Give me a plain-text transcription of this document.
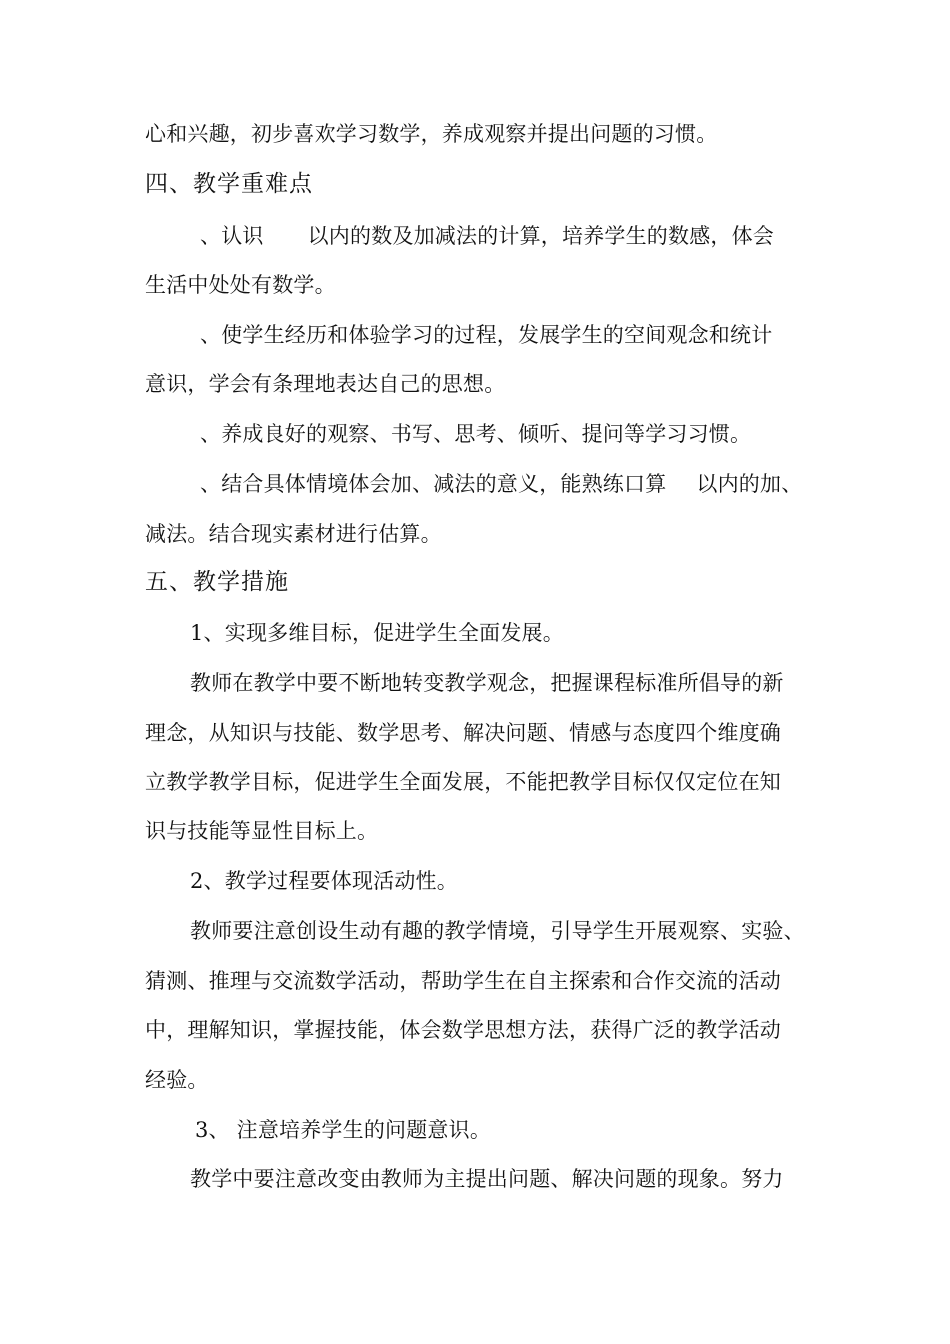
心和兴趣，初步喜欢学习数学，养成观察并提出问题的习惯。
四、教学重难点
、认识 以内的数及加减法的计算，培养学生的数感，体会
生活中处处有数学。
、使学生经历和体验学习的过程，发展学生的空间观念和统计
意识，学会有条理地表达自己的思想。
、养成良好的观察、书写、思考、倾听、提问等学习习惯。
、结合具体情境体会加、减法的意义，能熟练口算 以内的加、
减法。结合现实素材进行估算。
五、教学措施
1、实现多维目标，促进学生全面发展。
教师在教学中要不断地转变教学观念，把握课程标准所倡导的新
理念，从知识与技能、数学思考、解决问题、情感与态度四个维度确
立教学教学目标，促进学生全面发展，不能把教学目标仅仅定位在知
识与技能等显性目标上。
2、教学过程要体现活动性。
教师要注意创设生动有趣的教学情境，引导学生开展观察、实验、
猜测、推理与交流数学活动，帮助学生在自主探索和合作交流的活动
中，理解知识，掌握技能，体会数学思想方法，获得广泛的教学活动
经验。
3、 注意培养学生的问题意识。
教学中要注意改变由教师为主提出问题、解决问题的现象。努力
